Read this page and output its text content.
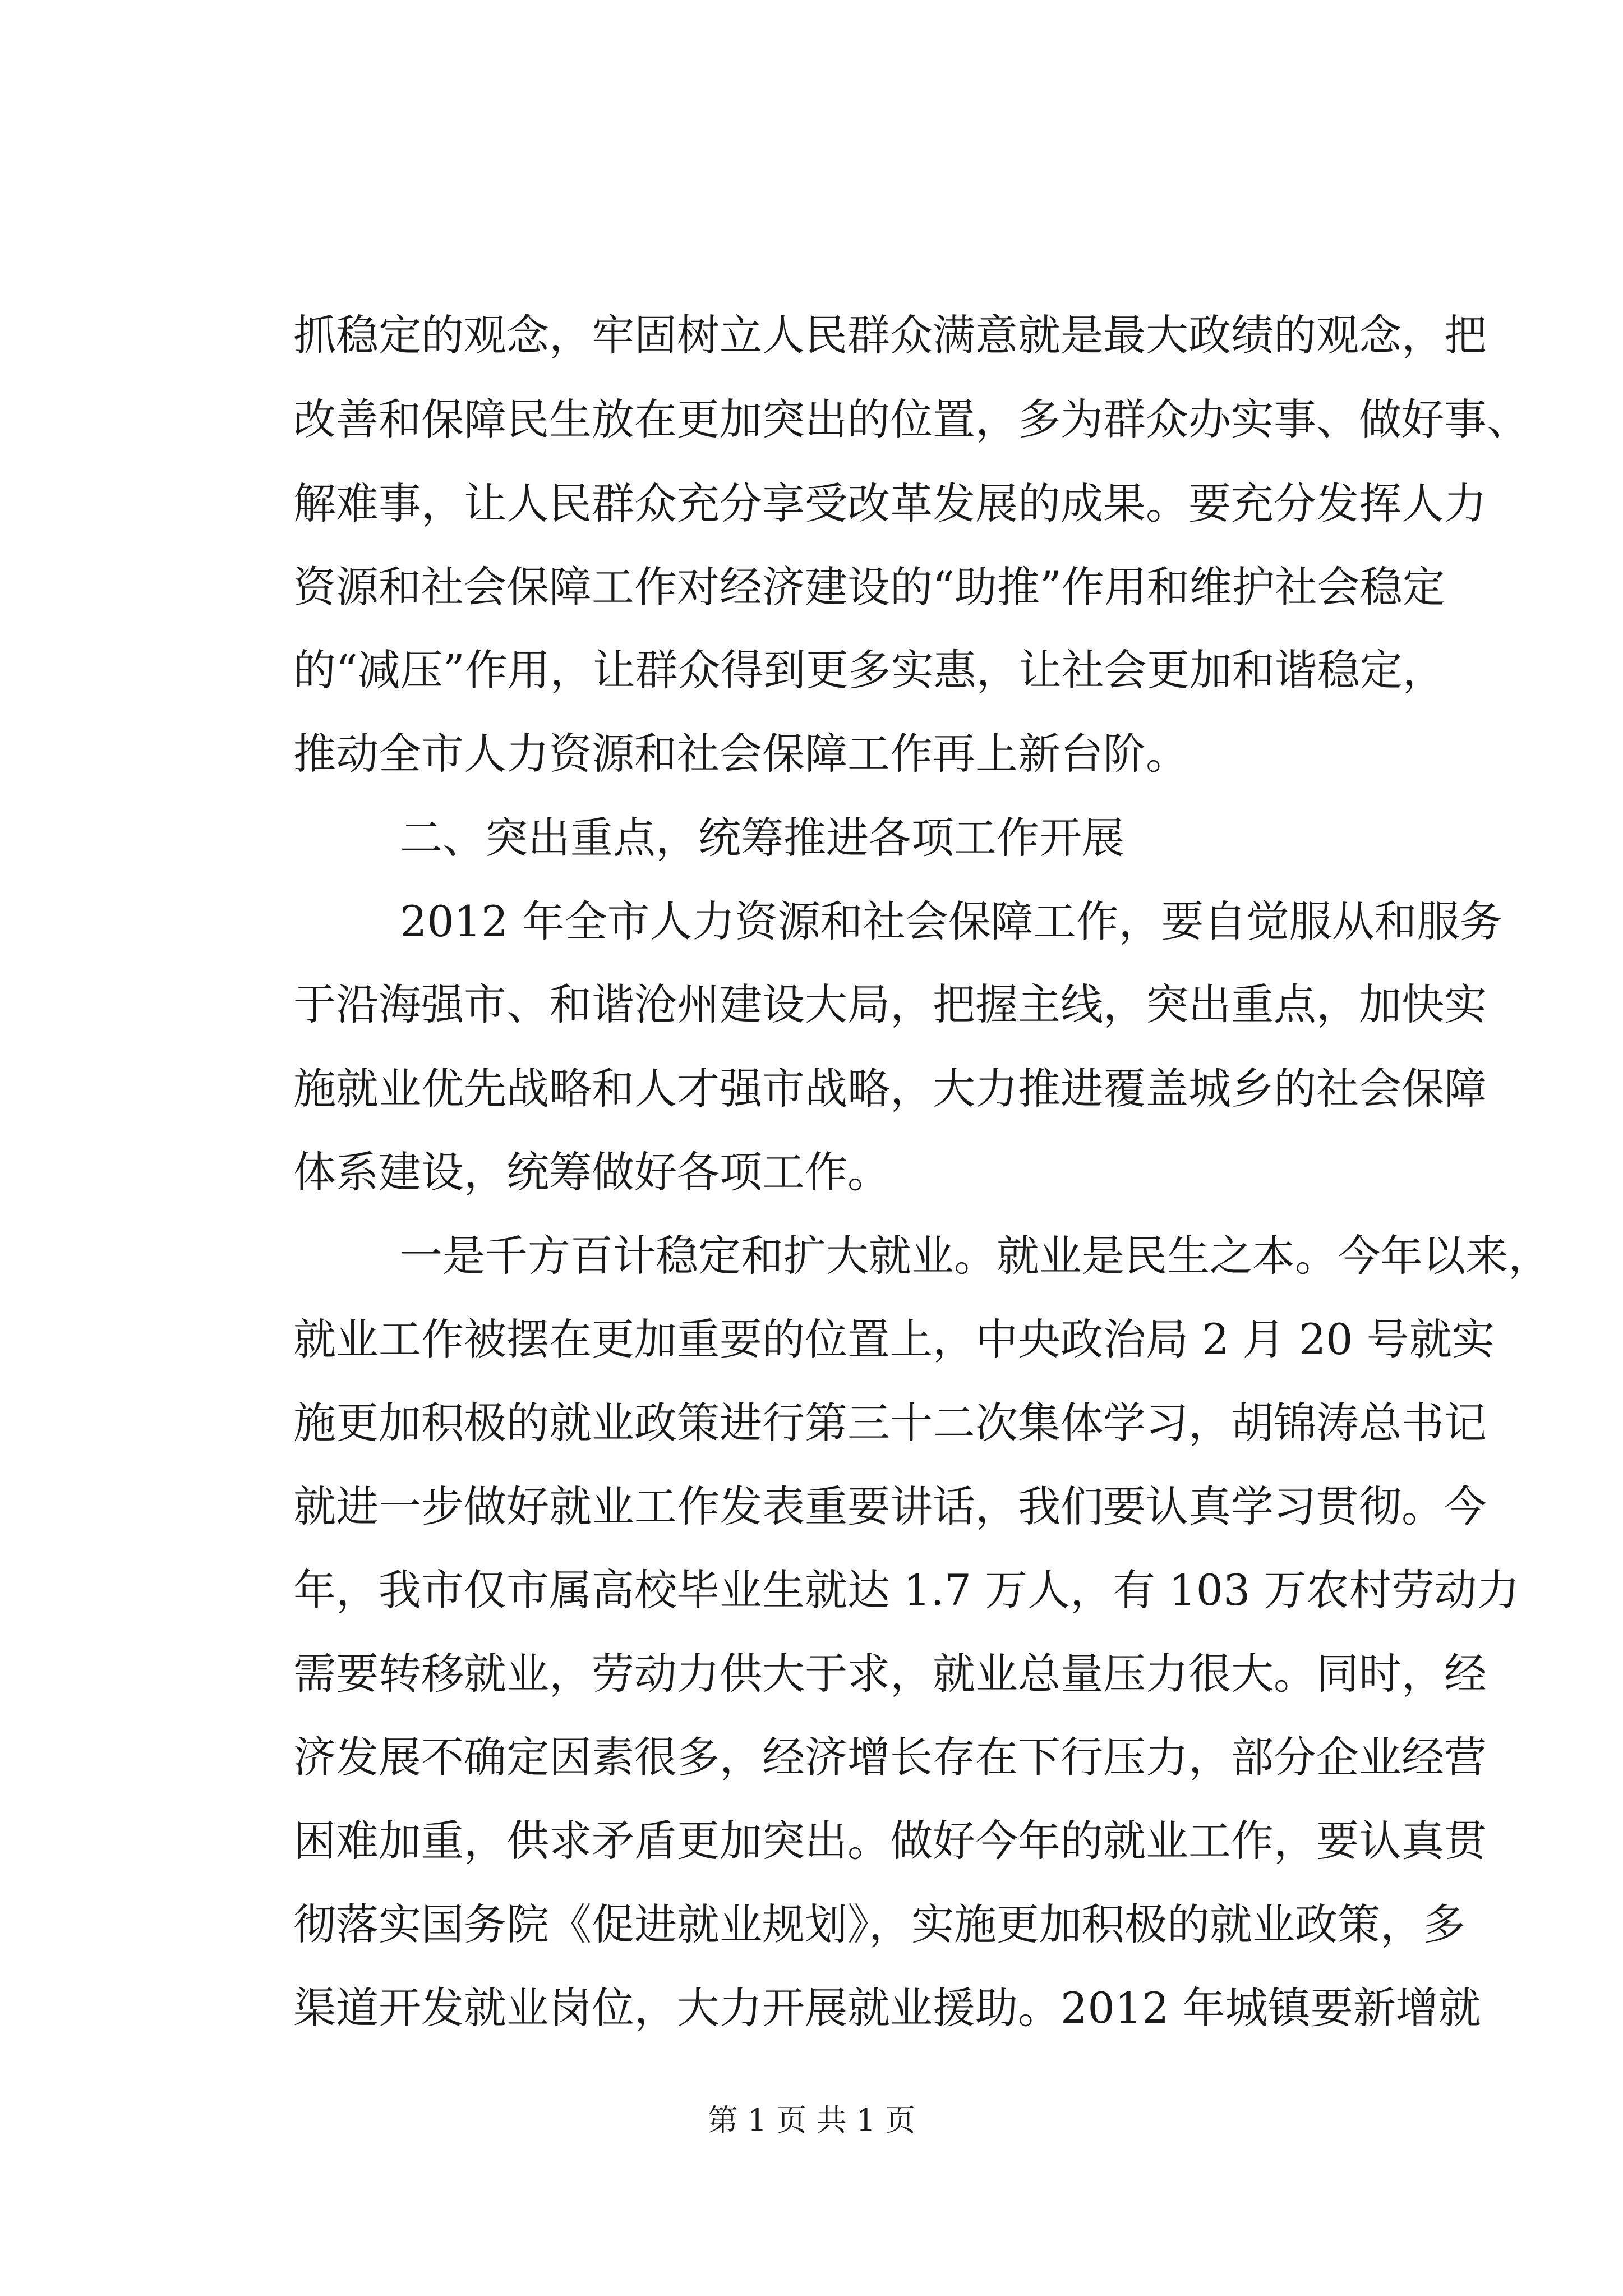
抓稳定的观念，牢固树立人民群众满意就是最大政绩的观念，把
改善和保障民生放在更加突出的位置，多为群众办实事、做好事、
解难事，让人民群众充分享受改革发展的成果。要充分发挥人力
资源和社会保障工作对经济建设的“助推”作用和维护社会稳定
的“减压”作用，让群众得到更多实惠，让社会更加和谐稳定，
推动全市人力资源和社会保障工作再上新台阶。
二、突出重点，统筹推进各项工作开展
2012 年全市人力资源和社会保障工作，要自觉服从和服务
于沿海强市、和谐沧州建设大局，把握主线，突出重点，加快实
施就业优先战略和人才强市战略，大力推进覆盖城乡的社会保障
体系建设，统筹做好各项工作。
一是千方百计稳定和扩大就业。就业是民生之本。今年以来，
就业工作被摆在更加重要的位置上，中央政治局 2 月 20 号就实
施更加积极的就业政策进行第三十二次集体学习，胡锦涛总书记
就进一步做好就业工作发表重要讲话，我们要认真学习贯彻。今
年，我市仅市属高校毕业生就达 1.7 万人，有 103 万农村劳动力
需要转移就业，劳动力供大于求，就业总量压力很大。同时，经
济发展不确定因素很多，经济增长存在下行压力，部分企业经营
困难加重，供求矛盾更加突出。做好今年的就业工作，要认真贯
彻落实国务院《促进就业规划》，实施更加积极的就业政策，多
渠道开发就业岗位，大力开展就业援助。2012 年城镇要新增就
第 1 页 共 1 页
